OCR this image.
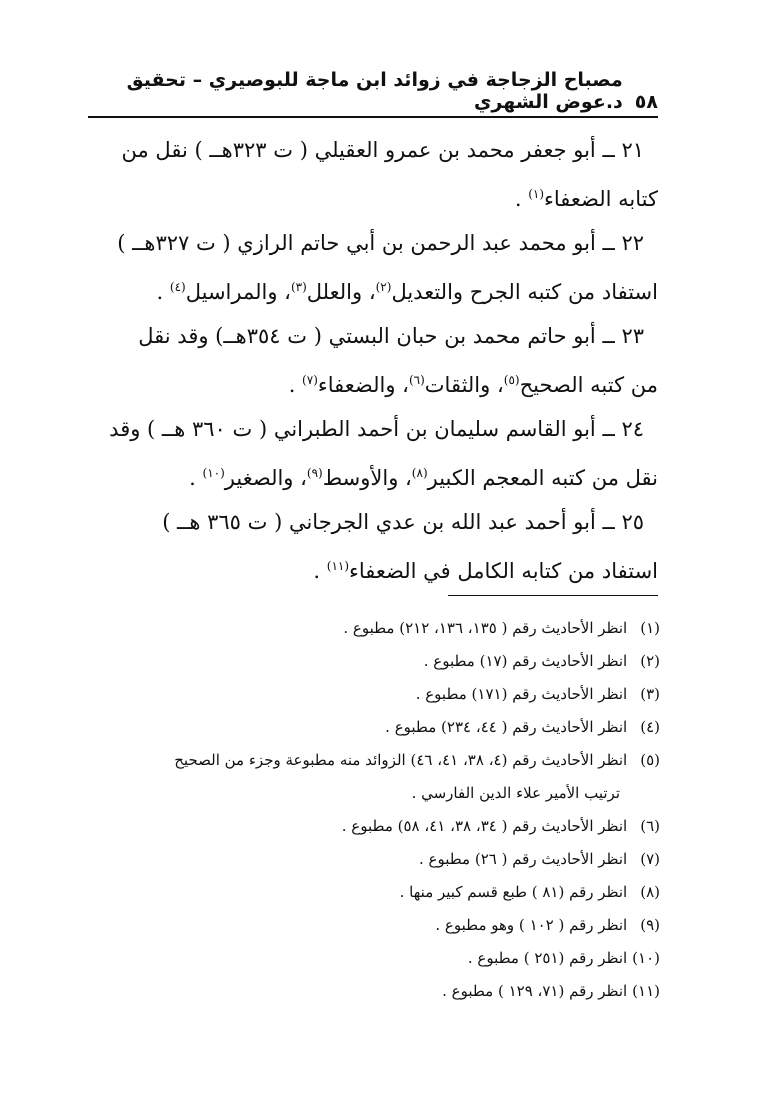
٥٨
مصباح الزجاجة في زوائد ابن ماجة للبوصيري – تحقيق د.عوض الشهري

٢١ ــ أبو جعفر محمد بن عمرو العقيلي ( ت ٣٢٣هــ ) نقل من
كتابه الضعفاء$^{(١)}$ .

٢٢ ــ أبو محمد عبد الرحمن بن أبي حاتم الرازي ( ت ٣٢٧هــ )
استفاد من كتبه الجرح والتعديل$^{(٢)}$، والعلل$^{(٣)}$، والمراسيل$^{(٤)}$ .

٢٣ ــ أبو حاتم محمد بن حبان البستي ( ت ٣٥٤هــ) وقد نقل
من كتبه الصحيح$^{(٥)}$، والثقات$^{(٦)}$، والضعفاء$^{(٧)}$ .

٢٤ ــ أبو القاسم سليمان بن أحمد الطبراني ( ت ٣٦٠ هــ ) وقد
نقل من كتبه المعجم الكبير$^{(٨)}$، والأوسط$^{(٩)}$، والصغير$^{(١٠)}$ .

٢٥ ــ أبو أحمد عبد الله بن عدي الجرجاني ( ت ٣٦٥ هــ )
استفاد من كتابه الكامل في الضعفاء$^{(١١)}$ .

(١) انظر الأحاديث رقم ( ١٣٥، ١٣٦، ٢١٢) مطبوع .

(٢) انظر الأحاديث رقم (١٧) مطبوع .

(٣) انظر الأحاديث رقم (١٧١) مطبوع .

(٤) انظر الأحاديث رقم ( ٤٤، ٢٣٤) مطبوع .

(٥) انظر الأحاديث رقم (٤، ٣٨، ٤١، ٤٦) الزوائد منه مطبوعة وجزء من الصحيح
ترتيب الأمير علاء الدين الفارسي .

(٦) انظر الأحاديث رقم ( ٣٤، ٣٨، ٤١، ٥٨) مطبوع .

(٧) انظر الأحاديث رقم ( ٢٦) مطبوع .

(٨) انظر رقم (٨١ ) طبع قسم كبير منها .

(٩) انظر رقم ( ١٠٢ ) وهو مطبوع .

(١٠) انظر رقم (٢٥١ ) مطبوع .

(١١) انظر رقم (٧١، ١٢٩ ) مطبوع .
